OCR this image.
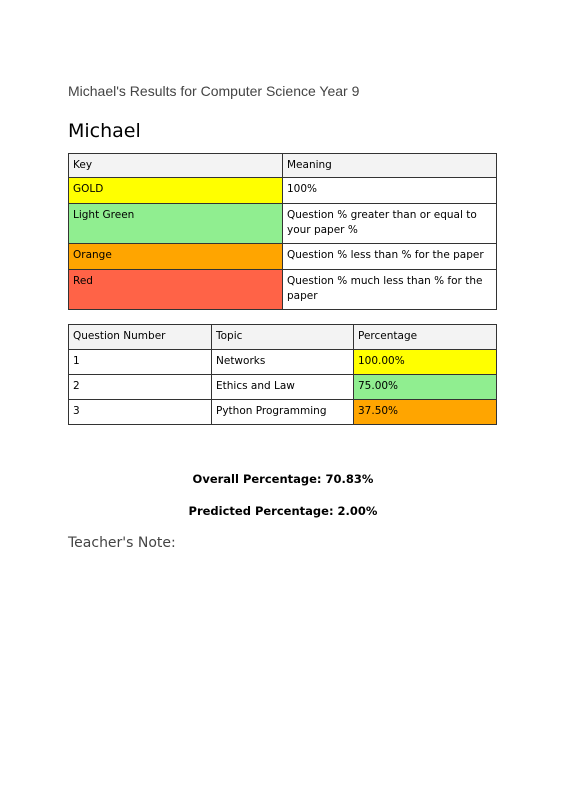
Michael's Results for Computer Science Year 9
Michael
Key	Meaning
GOLD	100%
Light Green	Question % greater than or equal to your paper %
Orange	Question % less than % for the paper
Red	Question % much less than % for the paper
Question Number	Topic	Percentage
1	Networks	100.00%
2	Ethics and Law	75.00%
3	Python Programming	37.50%
Overall Percentage: 70.83%
Predicted Percentage: 2.00%
Teacher's Note:
